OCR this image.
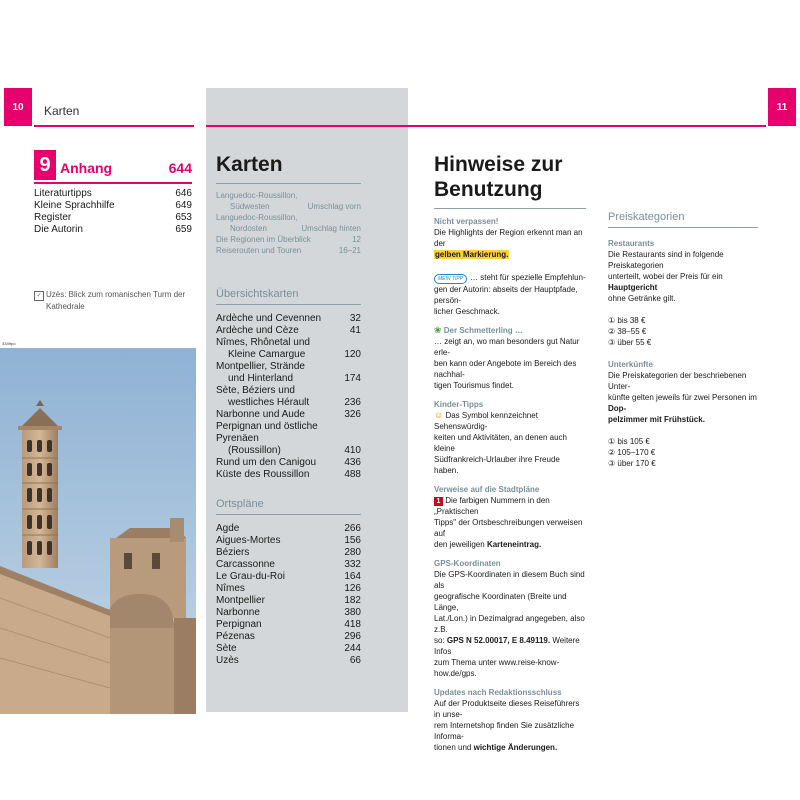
10 Karten
9 Anhang	644
Literaturtipps	646
Kleine Sprachhilfe	649
Register	653
Die Autorin	659
✓ Uzès: Blick zum romanischen Turm der Kathedrale
334frpo
11
Karten
Languedoc-Roussillon,
Südwesten	Umschlag vorn
Languedoc-Roussillon,
Nordosten	Umschlag hinten
Die Regionen im Überblick	12
Reiserouten und Touren	16–21
Übersichtskarten
Ardèche und Cevennen	32
Ardèche und Cèze	41
Nîmes, Rhônetal und
Kleine Camargue	120
Montpellier, Strände
und Hinterland	174
Sète, Béziers und
westliches Hérault	236
Narbonne und Aude	326
Perpignan und östliche Pyrenäen
(Roussillon)	410
Rund um den Canigou	436
Küste des Roussillon	488
Ortspläne
Agde	266
Aigues-Mortes	156
Béziers	280
Carcassonne	332
Le Grau-du-Roi	164
Nîmes	126
Montpellier	182
Narbonne	380
Perpignan	418
Pézenas	296
Sète	244
Uzès	66
Hinweise zur
Benutzung
Nicht verpassen!
Die Highlights der Region erkennt man an der
gelben Markierung.
MEIN TIPP … steht für spezielle Empfehlun-
gen der Autorin: abseits der Hauptpfade, persön-
licher Geschmack.
❀ Der Schmetterling …
… zeigt an, wo man besonders gut Natur erle-
ben kann oder Angebote im Bereich des nachhal-
tigen Tourismus findet.
Kinder-Tipps
☺ Das Symbol kennzeichnet Sehenswürdig-
keiten und Aktivitäten, an denen auch kleine
Südfrankreich-Urlauber ihre Freude haben.
Verweise auf die Stadtpläne
1 Die farbigen Nummern in den „Praktischen
Tipps" der Ortsbeschreibungen verweisen auf
den jeweiligen Karteneintrag.
GPS-Koordinaten
Die GPS-Koordinaten in diesem Buch sind als
geografische Koordinaten (Breite und Länge,
Lat./Lon.) in Dezimalgrad angegeben, also z.B.
so: GPS N 52.00017, E 8.49119. Weitere Infos
zum Thema unter www.reise-know-how.de/gps.
Updates nach Redaktionsschluss
Auf der Produktseite dieses Reiseführers in unse-
rem Internetshop finden Sie zusätzliche Informa-
tionen und wichtige Änderungen.
Preiskategorien
Restaurants
Die Restaurants sind in folgende Preiskategorien
unterteilt, wobei der Preis für ein Hauptgericht
ohne Getränke gilt.
① bis 38 €
② 38–55 €
③ über 55 €
Unterkünfte
Die Preiskategorien der beschriebenen Unter-
künfte gelten jeweils für zwei Personen im Dop-
pelzimmer mit Frühstück.
① bis 105 €
② 105–170 €
③ über 170 €
